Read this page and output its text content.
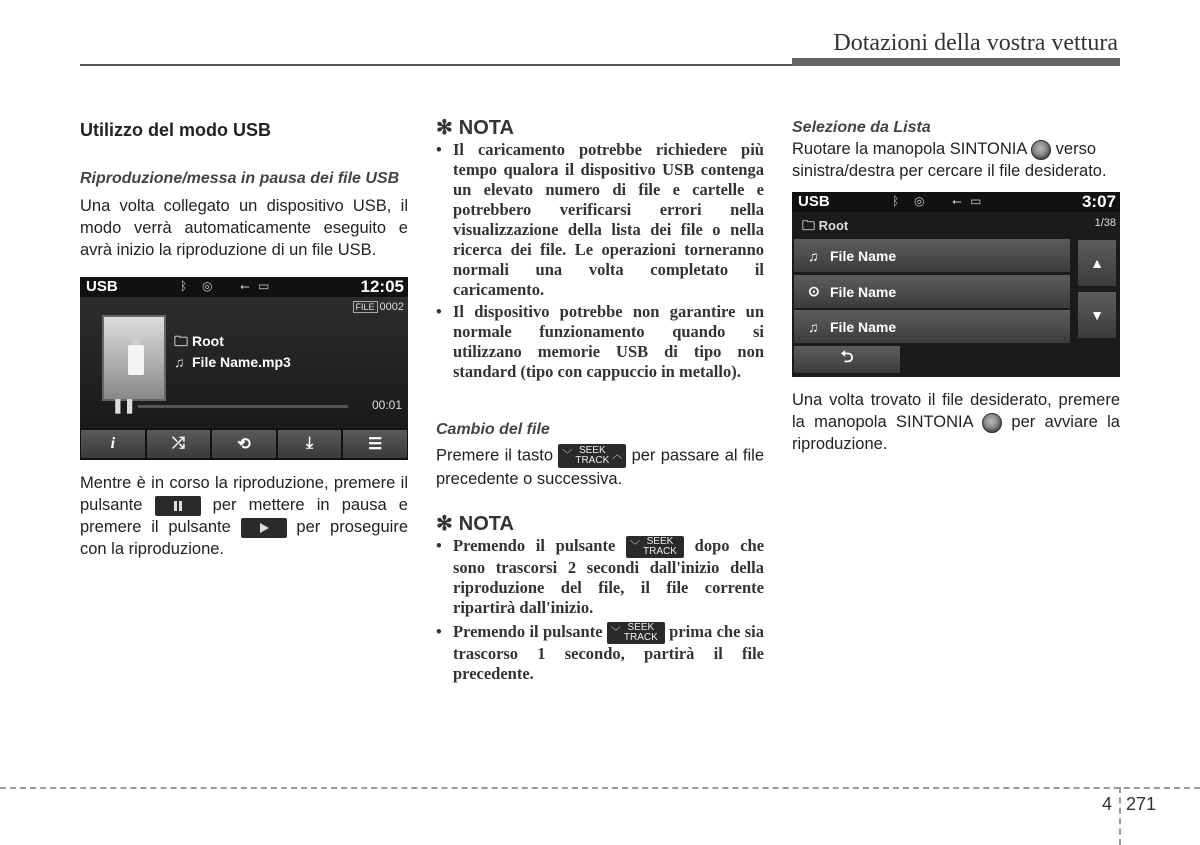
Dotazioni della vostra vettura
Utilizzo del modo USB
Riproduzione/messa in pausa dei file USB
Una volta collegato un dispositivo USB, il modo verrà automaticamente eseguito e avrà inizio la riproduzione di un file USB.
USB	ᛒ ◎ ⭠ ▭	12:05
FILE 0002
🗀 Root
♫ File Name.mp3
❚❚	00:01
i	⤮	⟲	⤓	☰
Mentre è in corso la riproduzione, premere il pulsante	per mettere in pausa e premere il pulsante	per proseguire con la riproduzione.
✻ NOTA
• Il caricamento potrebbe richiedere più tempo qualora il dispositivo USB contenga un elevato numero di file e cartelle e potrebbero verificarsi errori nella visualizzazione della lista dei file o nella ricerca dei file. Le operazioni torneranno normali una volta completato il caricamento.
• Il dispositivo potrebbe non garantire un normale funzionamento quando si utilizzano memorie USB di tipo non standard (tipo con cappuccio in metallo).
Cambio del file
Premere il tasto ﹀ SEEK
TRACK ︿ per passare al file precedente o successiva.
✻ NOTA
• Premendo il pulsante ﹀ SEEK
TRACK dopo che sono trascorsi 2 secondi dall'inizio della riproduzione del file, il file corrente ripartirà dall'inizio.
• Premendo il pulsante ﹀ SEEK
TRACK prima che sia trascorso 1 secondo, partirà il file precedente.
Selezione da Lista
Ruotare la manopola SINTONIA verso sinistra/destra per cercare il file desiderato.
USB	ᛒ ◎ ⭠ ▭	3:07
🗀 Root	1/38
♫ File Name
⊙ File Name
♫ File Name
▲
▼
⮌
Una volta trovato il file desiderato, premere la manopola SINTONIA per avviare la riproduzione.
4 271
